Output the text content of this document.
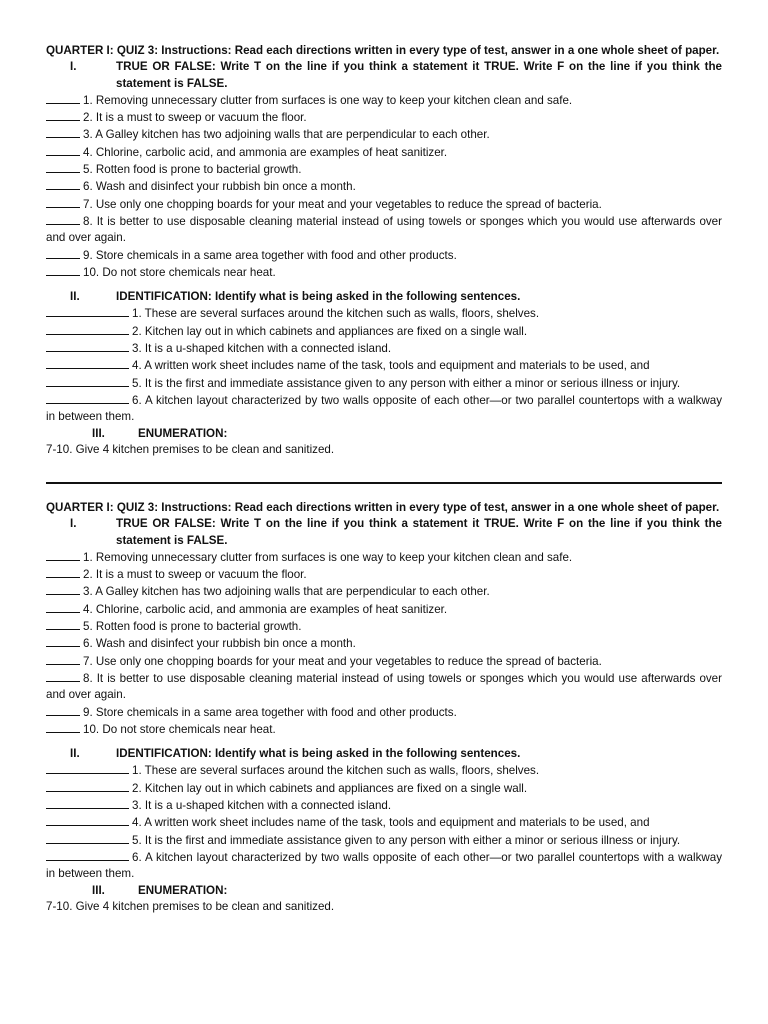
QUARTER I: QUIZ 3: Instructions: Read each directions written in every type of test, answer in a one whole sheet of paper.
I.	TRUE OR FALSE: Write T on the line if you think a statement it TRUE. Write F on the line if you think the statement is FALSE.
1. Removing unnecessary clutter from surfaces is one way to keep your kitchen clean and safe.
2. It is a must to sweep or vacuum the floor.
3. A Galley kitchen has two adjoining walls that are perpendicular to each other.
4. Chlorine, carbolic acid, and ammonia are examples of heat sanitizer.
5. Rotten food is prone to bacterial growth.
6. Wash and disinfect your rubbish bin once a month.
7. Use only one chopping boards for your meat and your vegetables to reduce the spread of bacteria.
8. It is better to use disposable cleaning material instead of using towels or sponges which you would use afterwards over and over again.
9. Store chemicals in a same area together with food and other products.
10. Do not store chemicals near heat.
II.	IDENTIFICATION: Identify what is being asked in the following sentences.
1. These are several surfaces around the kitchen such as walls, floors, shelves.
2. Kitchen lay out in which cabinets and appliances are fixed on a single wall.
3. It is a u-shaped kitchen with a connected island.
4. A written work sheet includes name of the task, tools and equipment and materials to be used, and
5. It is the first and immediate assistance given to any person with either a minor or serious illness or injury.
6. A kitchen layout characterized by two walls opposite of each other—or two parallel countertops with a walkway in between them.
III.	ENUMERATION:
7-10. Give 4 kitchen premises to be clean and sanitized.
QUARTER I: QUIZ 3: Instructions: Read each directions written in every type of test, answer in a one whole sheet of paper.
I.	TRUE OR FALSE: Write T on the line if you think a statement it TRUE. Write F on the line if you think the statement is FALSE.
1. Removing unnecessary clutter from surfaces is one way to keep your kitchen clean and safe.
2. It is a must to sweep or vacuum the floor.
3. A Galley kitchen has two adjoining walls that are perpendicular to each other.
4. Chlorine, carbolic acid, and ammonia are examples of heat sanitizer.
5. Rotten food is prone to bacterial growth.
6. Wash and disinfect your rubbish bin once a month.
7. Use only one chopping boards for your meat and your vegetables to reduce the spread of bacteria.
8. It is better to use disposable cleaning material instead of using towels or sponges which you would use afterwards over and over again.
9. Store chemicals in a same area together with food and other products.
10. Do not store chemicals near heat.
II.	IDENTIFICATION: Identify what is being asked in the following sentences.
1. These are several surfaces around the kitchen such as walls, floors, shelves.
2. Kitchen lay out in which cabinets and appliances are fixed on a single wall.
3. It is a u-shaped kitchen with a connected island.
4. A written work sheet includes name of the task, tools and equipment and materials to be used, and
5. It is the first and immediate assistance given to any person with either a minor or serious illness or injury.
6. A kitchen layout characterized by two walls opposite of each other—or two parallel countertops with a walkway in between them.
III.	ENUMERATION:
7-10. Give 4 kitchen premises to be clean and sanitized.
